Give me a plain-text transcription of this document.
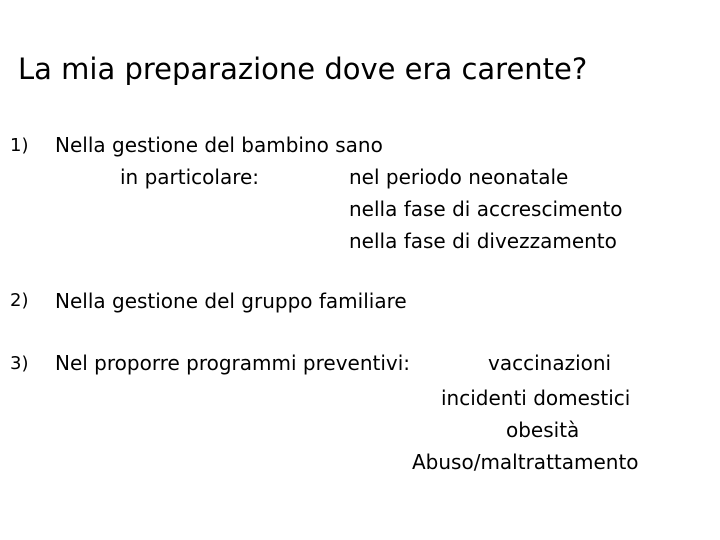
La mia preparazione dove era carente?
1) Nella gestione del bambino sano
in particolare:	nel periodo neonatale
nella fase di accrescimento
nella fase di divezzamento
2) Nella gestione del gruppo familiare
3) Nel proporre programmi preventivi:	vaccinazioni
incidenti domestici
obesità
Abuso/maltrattamento
